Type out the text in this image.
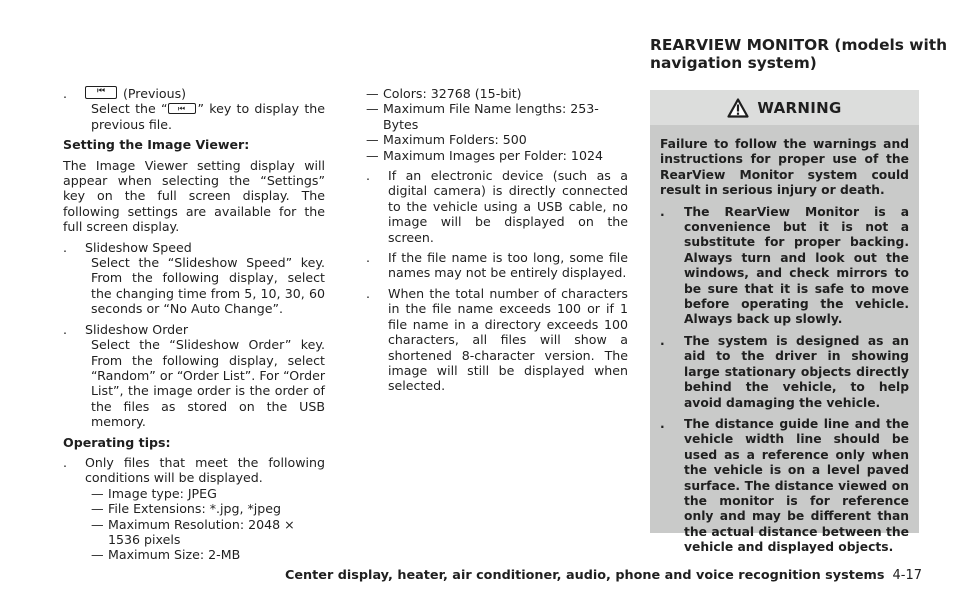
.
⏮ (Previous)

Select the “⏮ ” key to display the previous file.

Setting the Image Viewer:

The Image Viewer setting display will appear when selecting the “Settings” key on the full screen display. The following settings are available for the full screen display.

.
Slideshow Speed

Select the “Slideshow Speed” key. From the following display, select the changing time from 5, 10, 30, 60 seconds or “No Auto Change”.

.
Slideshow Order

Select the “Slideshow Order” key. From the following display, select “Random” or “Order List”. For “Order List”, the image order is the order of the files as stored on the USB memory.

Operating tips:

.
Only files that meet the following conditions will be displayed.
— Image type: JPEG
— File Extensions: *.jpg, *jpeg
— Maximum Resolution: 2048 × 1536 pixels
— Maximum Size: 2-MB
— Colors: 32768 (15-bit)
— Maximum File Name lengths: 253-Bytes
— Maximum Folders: 500
— Maximum Images per Folder: 1024
.
If an electronic device (such as a digital camera) is directly connected to the vehicle using a USB cable, no image will be displayed on the screen.
.
If the file name is too long, some file names may not be entirely displayed.
.
When the total number of characters in the file name exceeds 100 or if 1 file name in a directory exceeds 100 characters, all files will show a shortened 8-character version. The image will still be displayed when selected.
REARVIEW MONITOR (models with navigation system)
WARNING

Failure to follow the warnings and instructions for proper use of the RearView Monitor system could result in serious injury or death.

.
The RearView Monitor is a convenience but it is not a substitute for proper backing. Always turn and look out the windows, and check mirrors to be sure that it is safe to move before operating the vehicle. Always back up slowly.
.
The system is designed as an aid to the driver in showing large stationary objects directly behind the vehicle, to help avoid damaging the vehicle.
.
The distance guide line and the vehicle width line should be used as a reference only when the vehicle is on a level paved surface. The distance viewed on the monitor is for reference only and may be different than the actual distance between the vehicle and displayed objects.
Center display, heater, air conditioner, audio, phone and voice recognition systems 4-17
